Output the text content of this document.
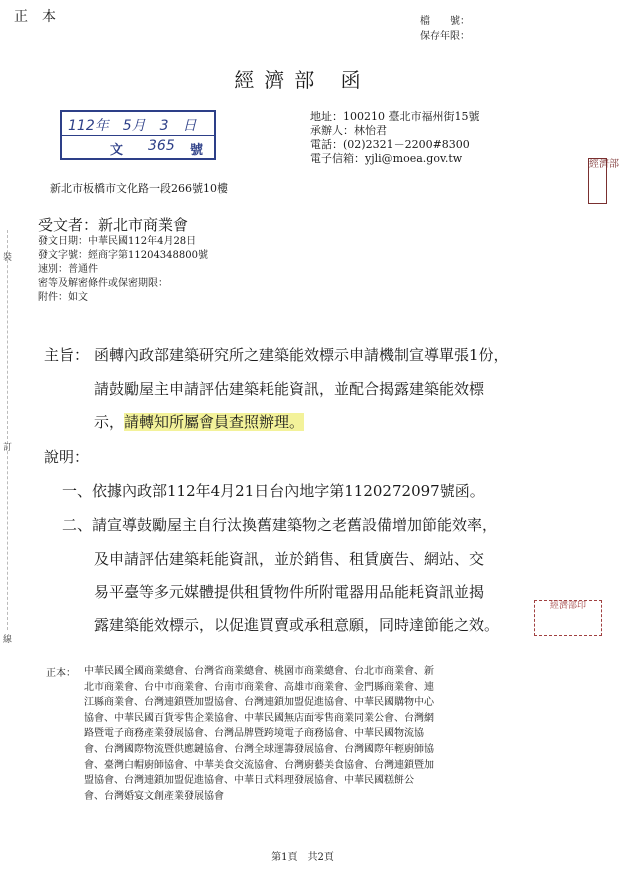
正本	檔　　號：
保存年限：
經濟部 函
112年　5月　3　日
文 365 號
地址：100210 臺北市福州街15號
承辦人：林怡君
電話：(02)2321－2200#8300
電子信箱：yjli@moea.gov.tw	經濟部
新北市板橋市文化路一段266號10樓
受文者：新北市商業會
發文日期：中華民國112年4月28日
發文字號：經商字第11204348800號
速別：普通件
密等及解密條件或保密期限：
附件：如文
裝
訂
線
主旨： 函轉內政部建築研究所之建築能效標示申請機制宣導單張1份，
請鼓勵屋主申請評估建築耗能資訊，並配合揭露建築能效標
示，請轉知所屬會員查照辦理。
說明：
一、依據內政部112年4月21日台內地字第1120272097號函。
二、請宣導鼓勵屋主自行汰換舊建築物之老舊設備增加節能效率，
及申請評估建築耗能資訊，並於銷售、租賃廣告、網站、交
易平臺等多元媒體提供租賃物件所附電器用品能耗資訊並揭
露建築能效標示，以促進買賣或承租意願，同時達節能之效。
經濟部印
正本： 中華民國全國商業總會、台灣省商業總會、桃園市商業總會、台北市商業會、新
北市商業會、台中市商業會、台南市商業會、高雄市商業會、金門縣商業會、連
江縣商業會、台灣連鎖暨加盟協會、台灣連鎖加盟促進協會、中華民國購物中心
協會、中華民國百貨零售企業協會、中華民國無店面零售商業同業公會、台灣網
路暨電子商務產業發展協會、台灣品牌暨跨境電子商務協會、中華民國物流協
會、台灣國際物流暨供應鏈協會、台灣全球運籌發展協會、台灣國際年輕廚師協
會、臺灣白帽廚師協會、中華美食交流協會、台灣廚藝美食協會、台灣連鎖暨加
盟協會、台灣連鎖加盟促進協會、中華日式料理發展協會、中華民國糕餅公
會、台灣婚宴文創產業發展協會
第1頁　共2頁
